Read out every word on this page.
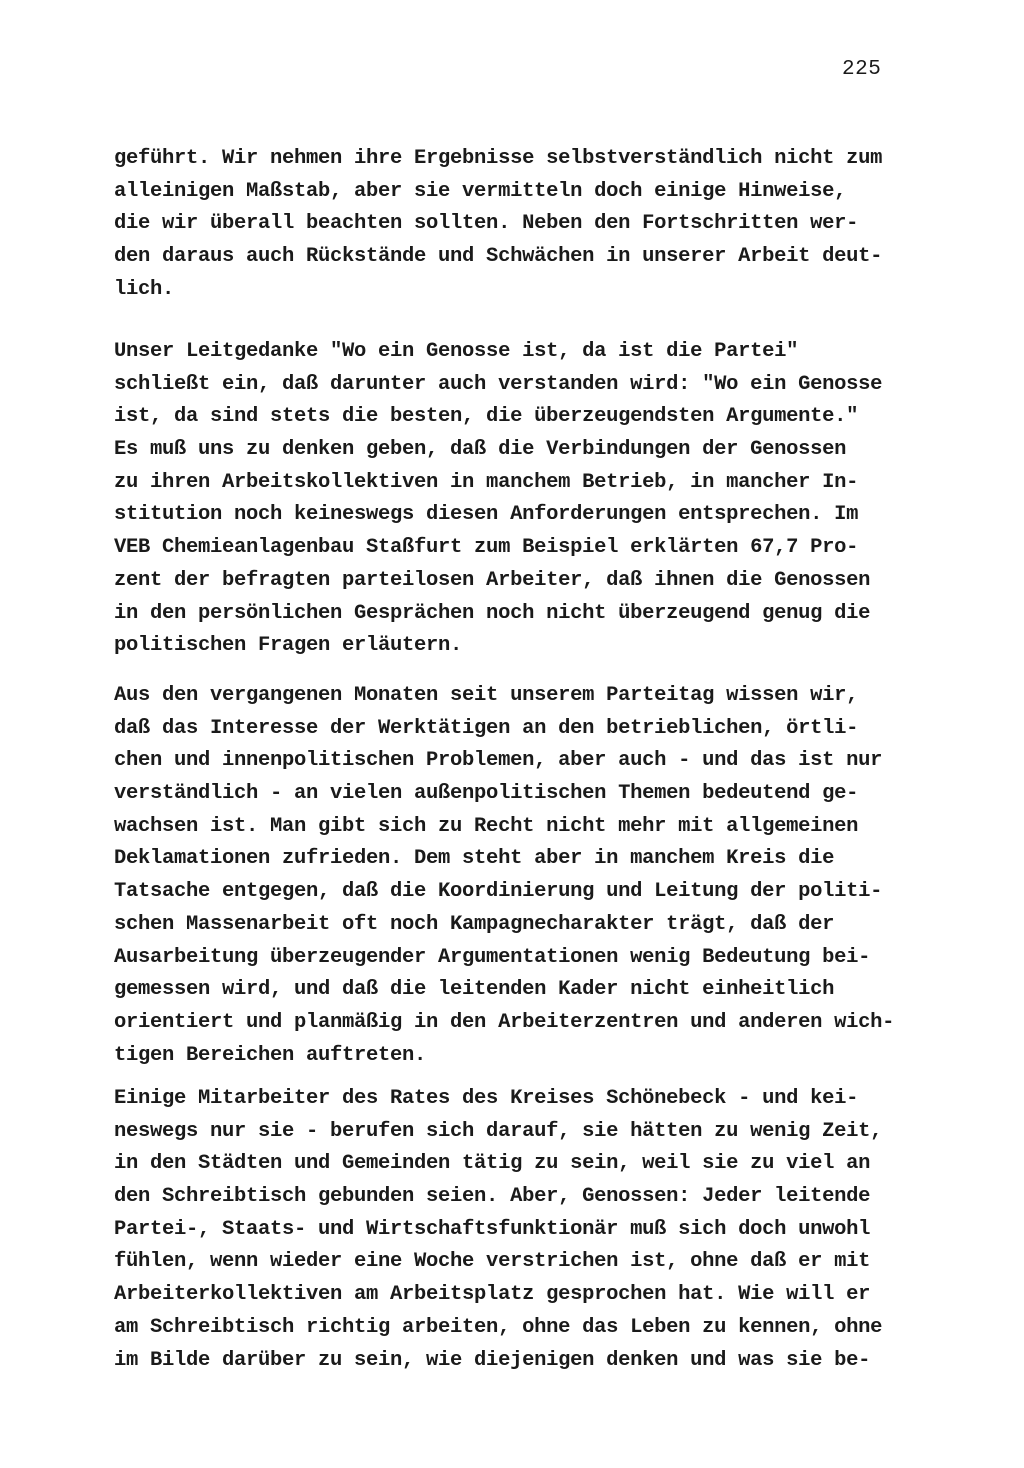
225
geführt. Wir nehmen ihre Ergebnisse selbstverständlich nicht zum
alleinigen Maßstab, aber sie vermitteln doch einige Hinweise,
die wir überall beachten sollten. Neben den Fortschritten wer-
den daraus auch Rückstände und Schwächen in unserer Arbeit deut-
lich.
Unser Leitgedanke "Wo ein Genosse ist, da ist die Partei"
schließt ein, daß darunter auch verstanden wird: "Wo ein Genosse
ist, da sind stets die besten, die überzeugendsten Argumente."
Es muß uns zu denken geben, daß die Verbindungen der Genossen
zu ihren Arbeitskollektiven in manchem Betrieb, in mancher In-
stitution noch keineswegs diesen Anforderungen entsprechen. Im
VEB Chemieanlagenbau Staßfurt zum Beispiel erklärten 67,7 Pro-
zent der befragten parteilosen Arbeiter, daß ihnen die Genossen
in den persönlichen Gesprächen noch nicht überzeugend genug die
politischen Fragen erläutern.
Aus den vergangenen Monaten seit unserem Parteitag wissen wir,
daß das Interesse der Werktätigen an den betrieblichen, örtli-
chen und innenpolitischen Problemen, aber auch - und das ist nur
verständlich - an vielen außenpolitischen Themen bedeutend ge-
wachsen ist. Man gibt sich zu Recht nicht mehr mit allgemeinen
Deklamationen zufrieden. Dem steht aber in manchem Kreis die
Tatsache entgegen, daß die Koordinierung und Leitung der politi-
schen Massenarbeit oft noch Kampagnecharakter trägt, daß der
Ausarbeitung überzeugender Argumentationen wenig Bedeutung bei-
gemessen wird, und daß die leitenden Kader nicht einheitlich
orientiert und planmäßig in den Arbeiterzentren und anderen wich-
tigen Bereichen auftreten.
Einige Mitarbeiter des Rates des Kreises Schönebeck - und kei-
neswegs nur sie - berufen sich darauf, sie hätten zu wenig Zeit,
in den Städten und Gemeinden tätig zu sein, weil sie zu viel an
den Schreibtisch gebunden seien. Aber, Genossen: Jeder leitende
Partei-, Staats- und Wirtschaftsfunktionär muß sich doch unwohl
fühlen, wenn wieder eine Woche verstrichen ist, ohne daß er mit
Arbeiterkollektiven am Arbeitsplatz gesprochen hat. Wie will er
am Schreibtisch richtig arbeiten, ohne das Leben zu kennen, ohne
im Bilde darüber zu sein, wie diejenigen denken und was sie be-
